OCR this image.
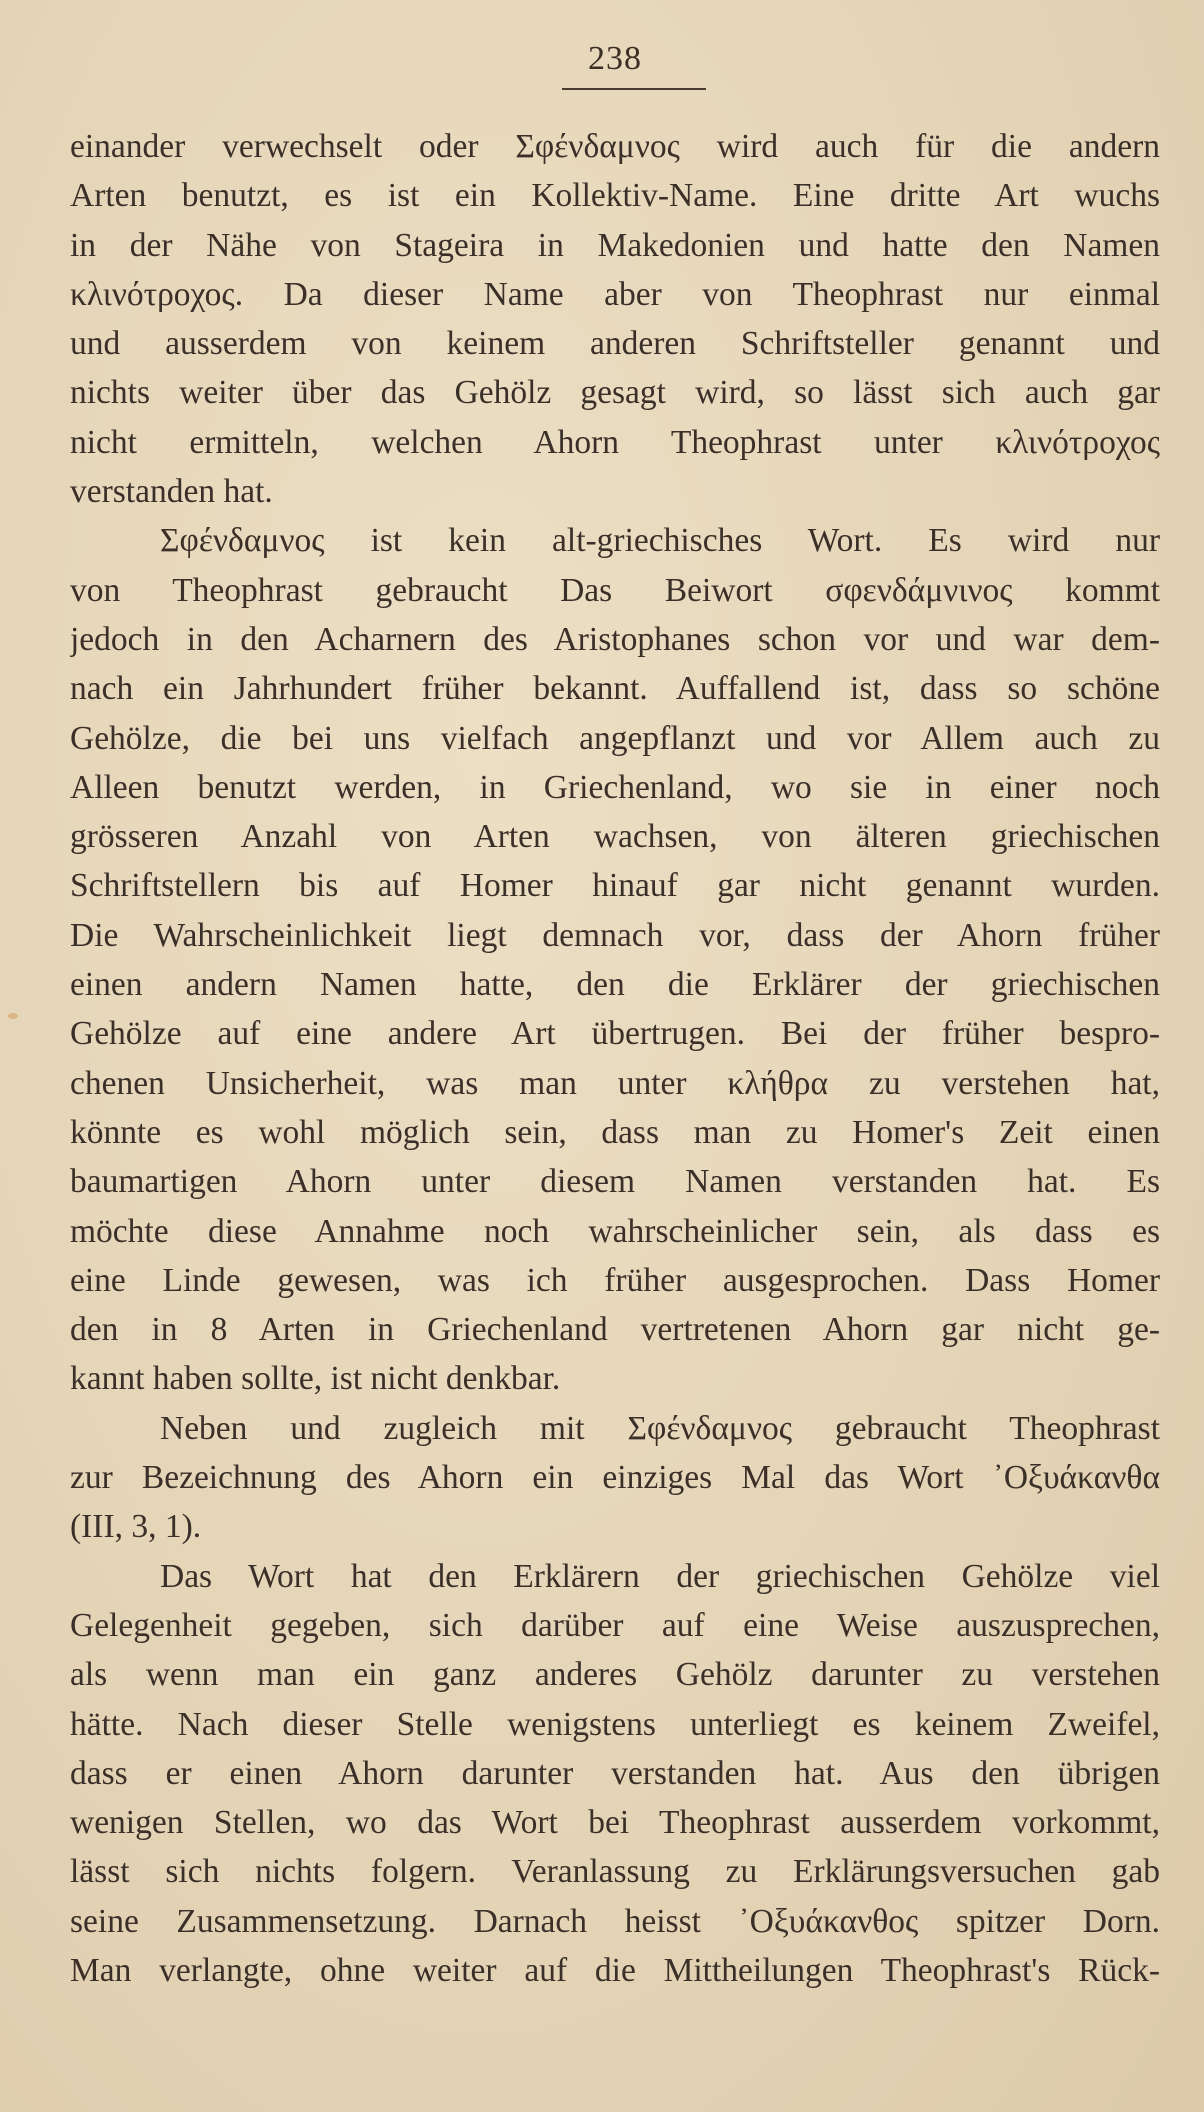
238
einander verwechselt oder Σφένδαμνος wird auch für die andern
Arten benutzt, es ist ein Kollektiv-Name. Eine dritte Art wuchs
in der Nähe von Stageira in Makedonien und hatte den Namen
κλινότροχος. Da dieser Name aber von Theophrast nur einmal
und ausserdem von keinem anderen Schriftsteller genannt und
nichts weiter über das Gehölz gesagt wird, so lässt sich auch gar
nicht ermitteln, welchen Ahorn Theophrast unter κλινότροχος
verstanden hat.
Σφένδαμνος ist kein alt-griechisches Wort. Es wird nur
von Theophrast gebraucht Das Beiwort σφενδάμνινος kommt
jedoch in den Acharnern des Aristophanes schon vor und war dem-
nach ein Jahrhundert früher bekannt. Auffallend ist, dass so schöne
Gehölze, die bei uns vielfach angepflanzt und vor Allem auch zu
Alleen benutzt werden, in Griechenland, wo sie in einer noch
grösseren Anzahl von Arten wachsen, von älteren griechischen
Schriftstellern bis auf Homer hinauf gar nicht genannt wurden.
Die Wahrscheinlichkeit liegt demnach vor, dass der Ahorn früher
einen andern Namen hatte, den die Erklärer der griechischen
Gehölze auf eine andere Art übertrugen. Bei der früher bespro-
chenen Unsicherheit, was man unter κλήθρα zu verstehen hat,
könnte es wohl möglich sein, dass man zu Homer's Zeit einen
baumartigen Ahorn unter diesem Namen verstanden hat. Es
möchte diese Annahme noch wahrscheinlicher sein, als dass es
eine Linde gewesen, was ich früher ausgesprochen. Dass Homer
den in 8 Arten in Griechenland vertretenen Ahorn gar nicht ge-
kannt haben sollte, ist nicht denkbar.
Neben und zugleich mit Σφένδαμνος gebraucht Theophrast
zur Bezeichnung des Ahorn ein einziges Mal das Wort ᾿Οξυάκανθα
(III, 3, 1).
Das Wort hat den Erklärern der griechischen Gehölze viel
Gelegenheit gegeben, sich darüber auf eine Weise auszusprechen,
als wenn man ein ganz anderes Gehölz darunter zu verstehen
hätte. Nach dieser Stelle wenigstens unterliegt es keinem Zweifel,
dass er einen Ahorn darunter verstanden hat. Aus den übrigen
wenigen Stellen, wo das Wort bei Theophrast ausserdem vorkommt,
lässt sich nichts folgern. Veranlassung zu Erklärungsversuchen gab
seine Zusammensetzung. Darnach heisst ᾿Οξυάκανθος spitzer Dorn.
Man verlangte, ohne weiter auf die Mittheilungen Theophrast's Rück-
